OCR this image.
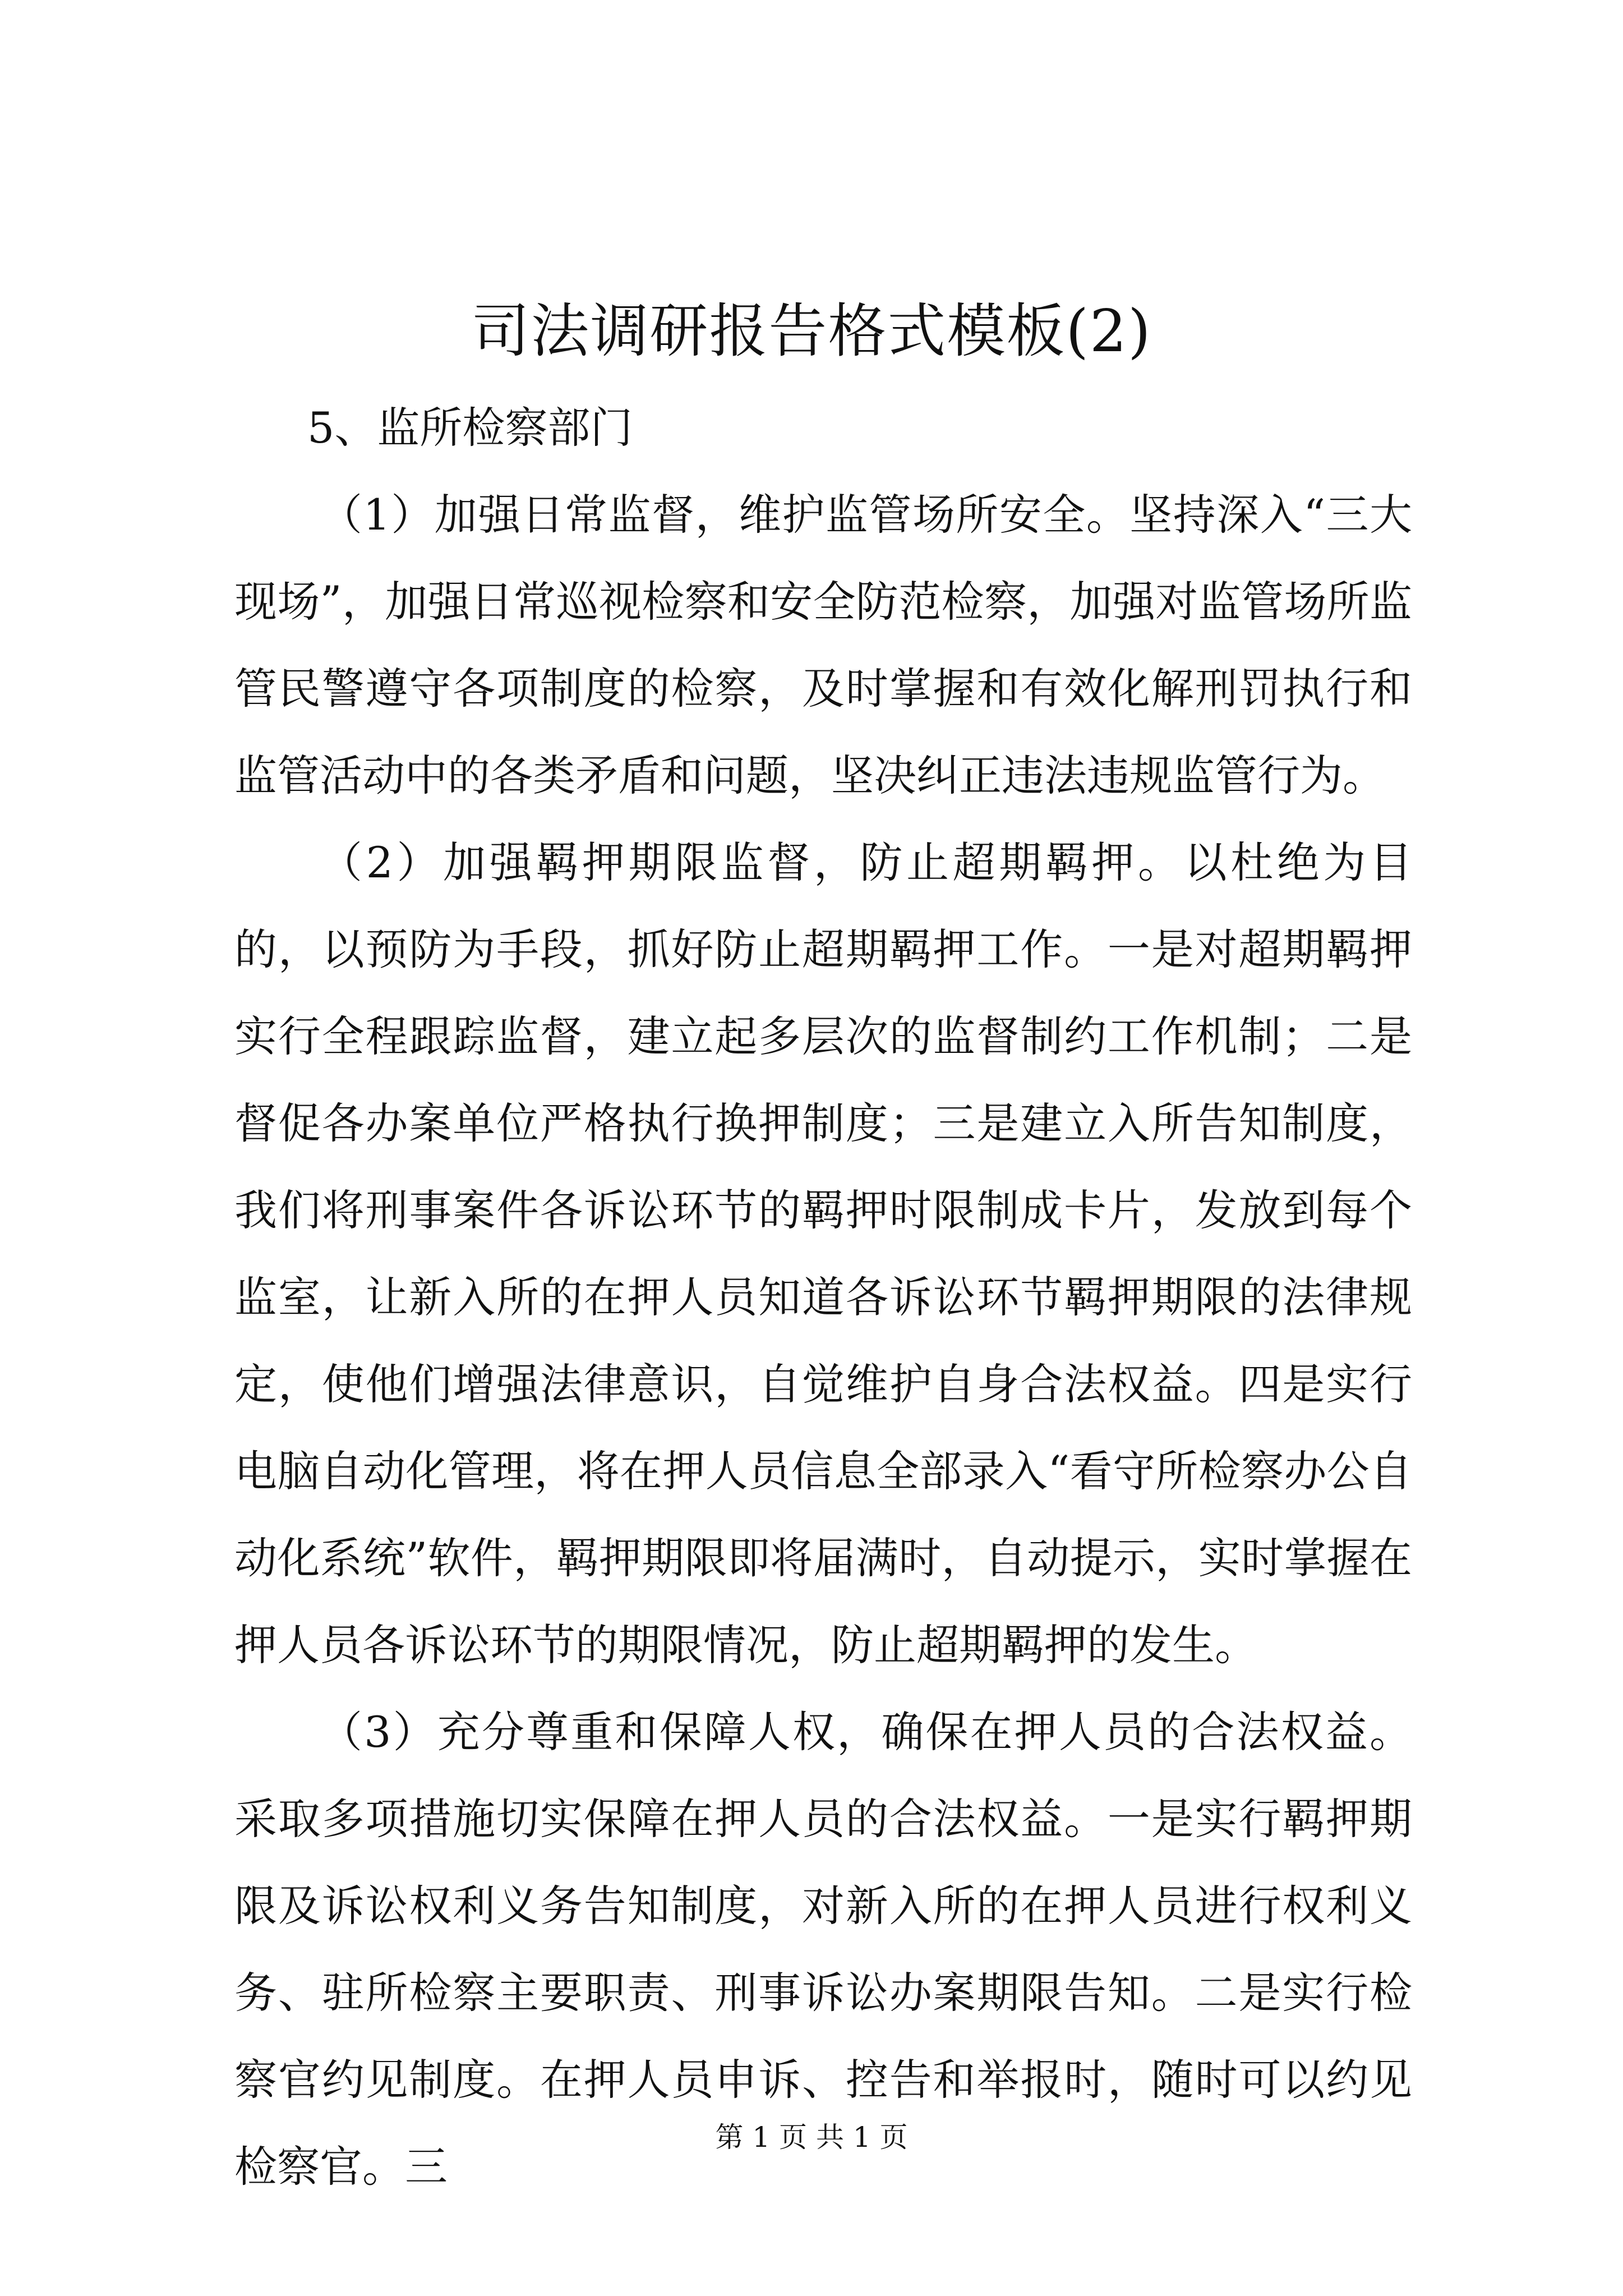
司法调研报告格式模板(2)

5、监所检察部门

（1）加强日常监督，维护监管场所安全。坚持深入“三大现场”，加强日常巡视检察和安全防范检察，加强对监管场所监管民警遵守各项制度的检察，及时掌握和有效化解刑罚执行和监管活动中的各类矛盾和问题，坚决纠正违法违规监管行为。

（2）加强羁押期限监督，防止超期羁押。以杜绝为目的，以预防为手段，抓好防止超期羁押工作。一是对超期羁押实行全程跟踪监督，建立起多层次的监督制约工作机制；二是督促各办案单位严格执行换押制度；三是建立入所告知制度，我们将刑事案件各诉讼环节的羁押时限制成卡片，发放到每个监室，让新入所的在押人员知道各诉讼环节羁押期限的法律规定，使他们增强法律意识，自觉维护自身合法权益。四是实行电脑自动化管理，将在押人员信息全部录入“看守所检察办公自动化系统”软件，羁押期限即将届满时，自动提示，实时掌握在押人员各诉讼环节的期限情况，防止超期羁押的发生。

（3）充分尊重和保障人权，确保在押人员的合法权益。采取多项措施切实保障在押人员的合法权益。一是实行羁押期限及诉讼权利义务告知制度，对新入所的在押人员进行权利义务、驻所检察主要职责、刑事诉讼办案期限告知。二是实行检察官约见制度。在押人员申诉、控告和举报时，随时可以约见检察官。三

第 1 页 共 1 页
